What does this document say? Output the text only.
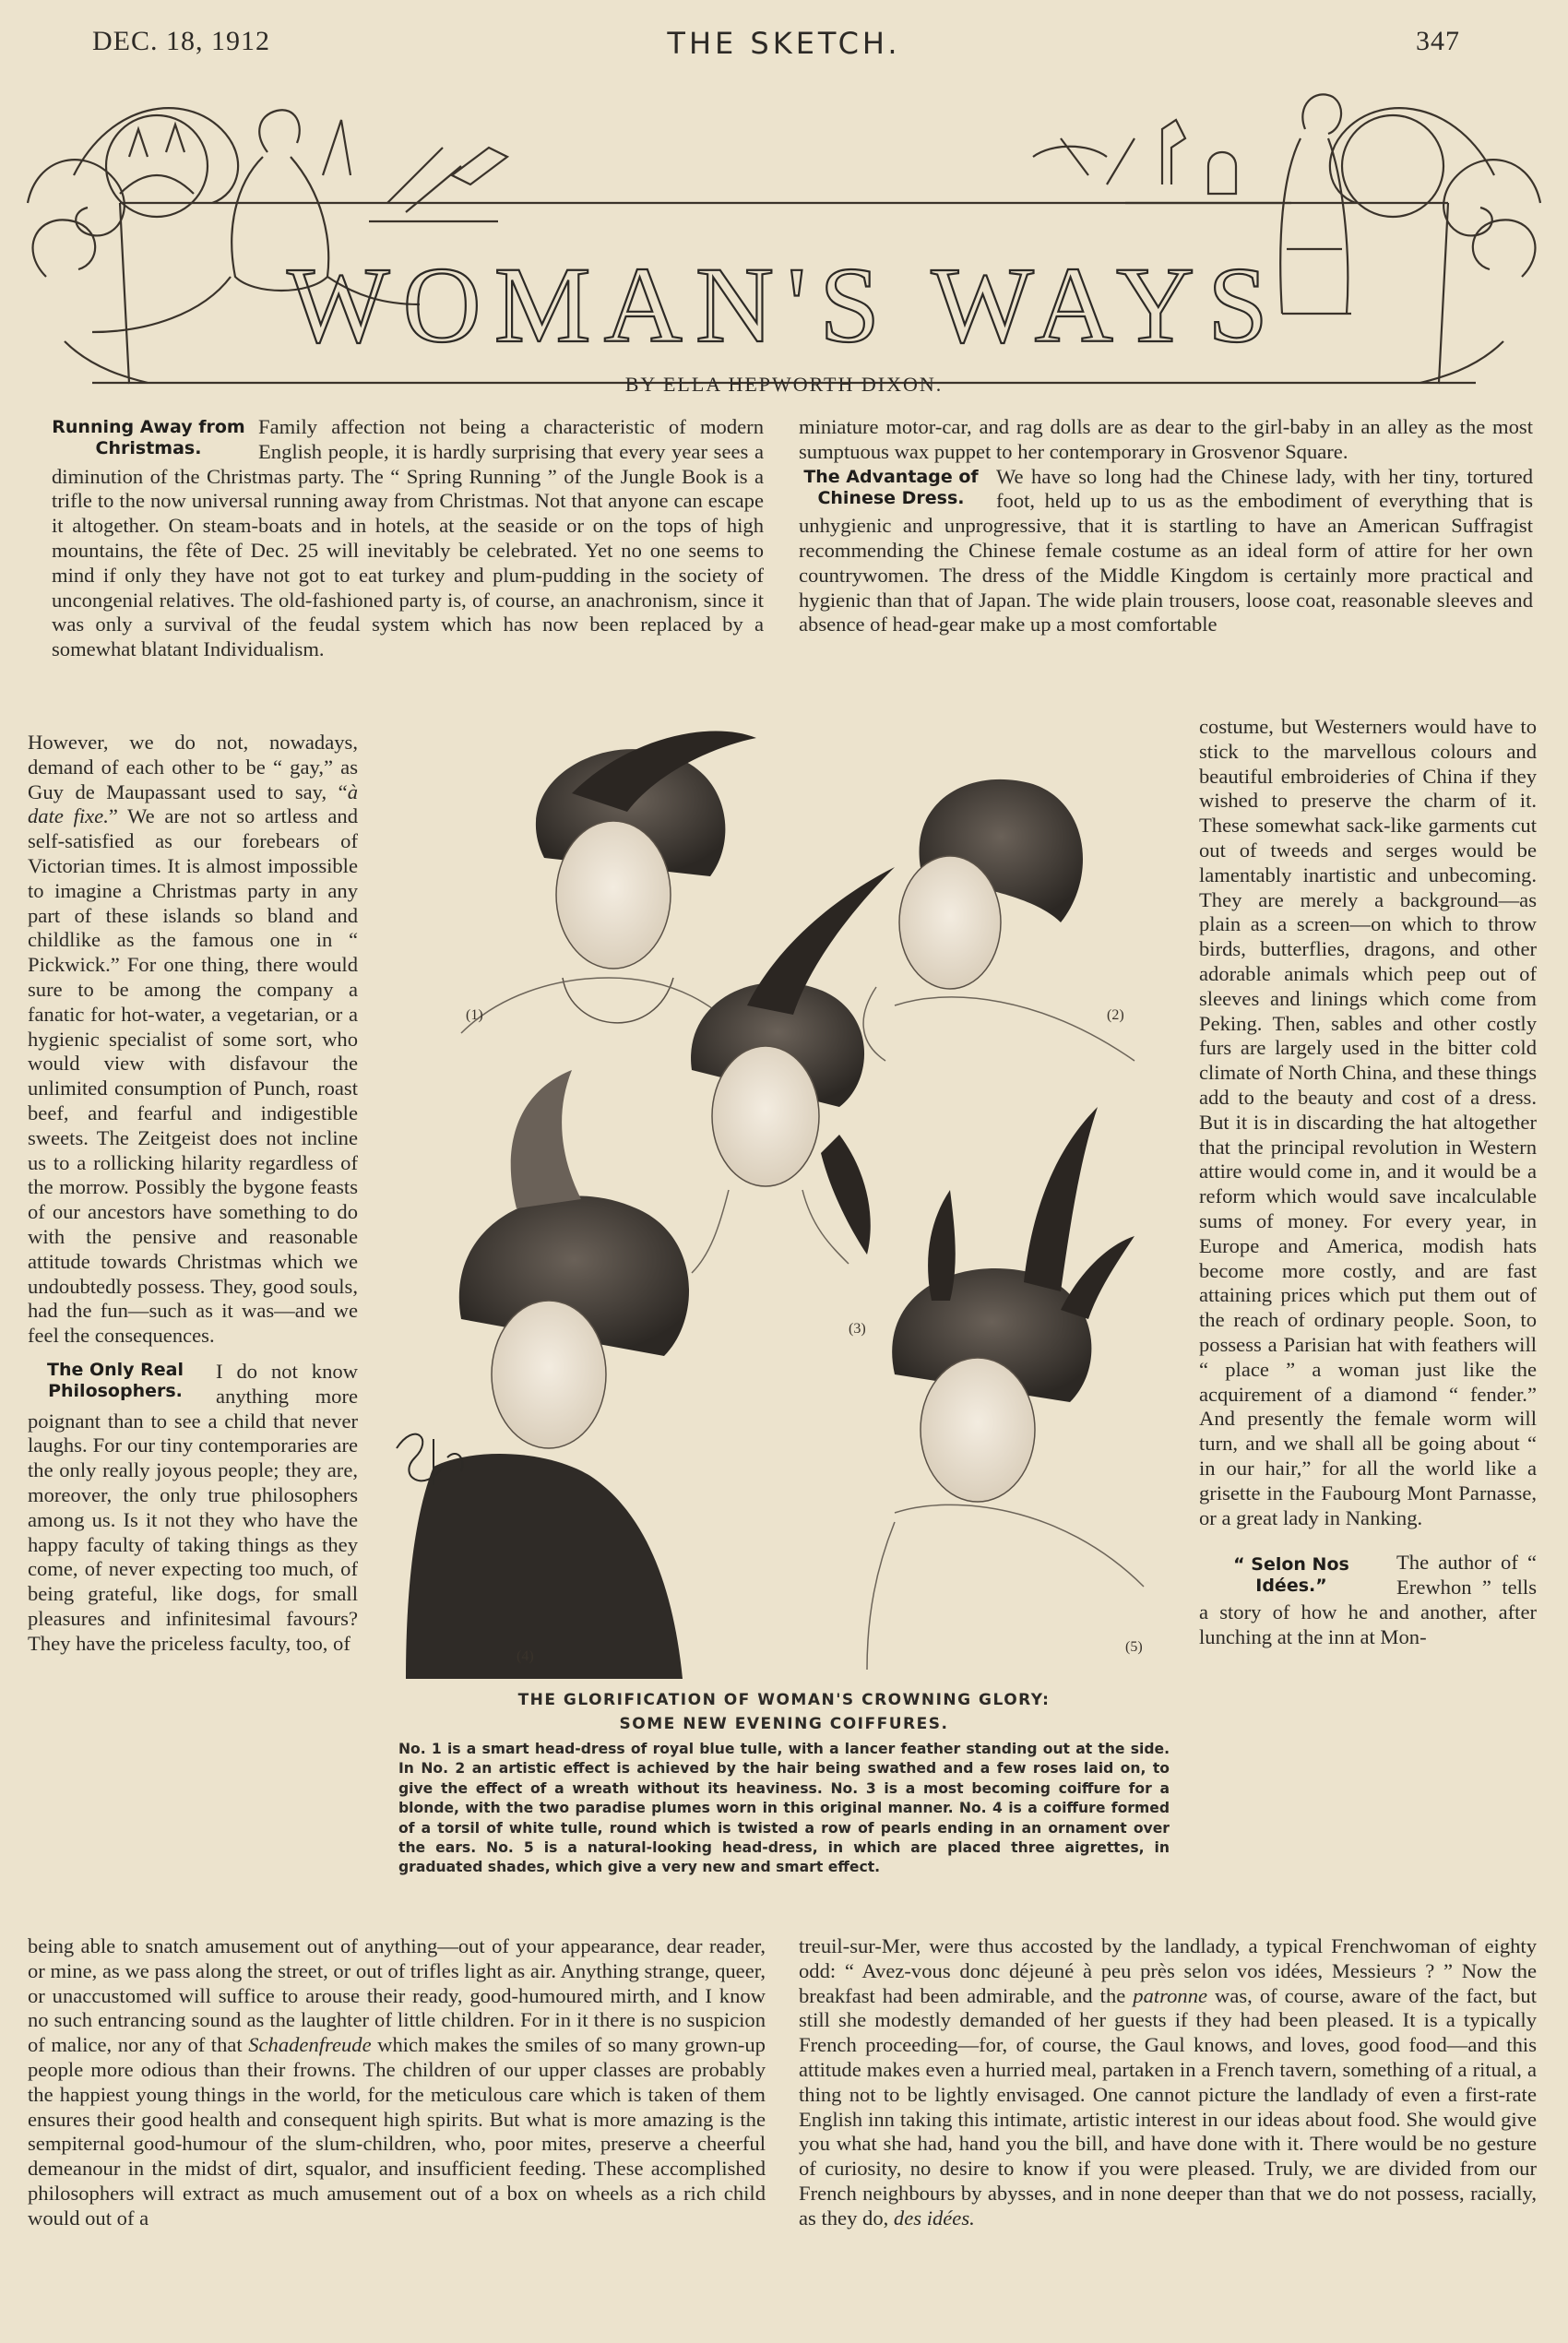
DEC. 18, 1912	THE SKETCH.	347
WOMAN'S WAYS
BY ELLA HEPWORTH DIXON.
Running Away from Christmas.

Family affection not being a characteristic of modern English people, it is hardly surprising that every year sees a diminution of the Christmas party. The “ Spring Running ” of the Jungle Book is a trifle to the now universal running away from Christmas. Not that anyone can escape it altogether. On steam-boats and in hotels, at the seaside or on the tops of high mountains, the fête of Dec. 25 will inevitably be celebrated. Yet no one seems to mind if only they have not got to eat turkey and plum-pudding in the society of uncongenial relatives. The old-fashioned party is, of course, an anachronism, since it was only a survival of the feudal system which has now been replaced by a somewhat blatant Individualism.

miniature motor-car, and rag dolls are as dear to the girl-baby in an alley as the most sumptuous wax puppet to her contemporary in Grosvenor Square.

The Advantage of Chinese Dress.

We have so long had the Chinese lady, with her tiny, tortured foot, held up to us as the embodiment of everything that is unhygienic and unprogressive, that it is startling to have an American Suffragist recommending the Chinese female costume as an ideal form of attire for her own countrywomen. The dress of the Middle Kingdom is certainly more practical and hygienic than that of Japan. The wide plain trousers, loose coat, reasonable sleeves and absence of head-gear make up a most comfortable

However, we do not, nowadays, demand of each other to be “ gay,” as Guy de Maupassant used to say, “à date fixe.” We are not so artless and self-satisfied as our forebears of Victorian times. It is almost impossible to imagine a Christmas party in any part of these islands so bland and childlike as the famous one in “ Pickwick.” For one thing, there would sure to be among the company a fanatic for hot-water, a vegetarian, or a hygienic specialist of some sort, who would view with disfavour the unlimited consumption of Punch, roast beef, and fearful and indigestible sweets. The Zeitgeist does not incline us to a rollicking hilarity regardless of the morrow. Possibly the bygone feasts of our ancestors have something to do with the pensive and reasonable attitude towards Christmas which we undoubtedly possess. They, good souls, had the fun—such as it was—and we feel the consequences.

The Only Real Philosophers.

I do not know anything more poignant than to see a child that never laughs. For our tiny contemporaries are the only really joyous people; they are, moreover, the only true philosophers among us. Is it not they who have the happy faculty of taking things as they come, of never expecting too much, of being grateful, like dogs, for small pleasures and infinitesimal favours? They have the priceless faculty, too, of

costume, but Westerners would have to stick to the marvellous colours and beautiful embroideries of China if they wished to preserve the charm of it. These somewhat sack-like garments cut out of tweeds and serges would be lamentably inartistic and unbecoming. They are merely a background—as plain as a screen—on which to throw birds, butterflies, dragons, and other adorable animals which peep out of sleeves and linings which come from Peking. Then, sables and other costly furs are largely used in the bitter cold climate of North China, and these things add to the beauty and cost of a dress. But it is in discarding the hat altogether that the principal revolution in Western attire would come in, and it would be a reform which would save incalculable sums of money. For every year, in Europe and America, modish hats become more costly, and are fast attaining prices which put them out of the reach of ordinary people. Soon, to possess a Parisian hat with feathers will “ place ” a woman just like the acquirement of a diamond “ fender.” And presently the female worm will turn, and we shall all be going about “ in our hair,” for all the world like a grisette in the Faubourg Mont Parnasse, or a great lady in Nanking.

“ Selon Nos Idées.”

The author of “ Erewhon ” tells a story of how he and another, after lunching at the inn at Mon-

(1)	(2)
(3)
(4)
(5)
THE GLORIFICATION OF WOMAN'S CROWNING GLORY:
SOME NEW EVENING COIFFURES.
No. 1 is a smart head-dress of royal blue tulle, with a lancer feather standing out at the side. In No. 2 an artistic effect is achieved by the hair being swathed and a few roses laid on, to give the effect of a wreath without its heaviness. No. 3 is a most becoming coiffure for a blonde, with the two paradise plumes worn in this original manner. No. 4 is a coiffure formed of a torsil of white tulle, round which is twisted a row of pearls ending in an ornament over the ears. No. 5 is a natural-looking head-dress, in which are placed three aigrettes, in graduated shades, which give a very new and smart effect.

being able to snatch amusement out of anything—out of your appearance, dear reader, or mine, as we pass along the street, or out of trifles light as air. Anything strange, queer, or unaccustomed will suffice to arouse their ready, good-humoured mirth, and I know no such entrancing sound as the laughter of little children. For in it there is no suspicion of malice, nor any of that Schadenfreude which makes the smiles of so many grown-up people more odious than their frowns. The children of our upper classes are probably the happiest young things in the world, for the meticulous care which is taken of them ensures their good health and consequent high spirits. But what is more amazing is the sempiternal good-humour of the slum-children, who, poor mites, preserve a cheerful demeanour in the midst of dirt, squalor, and insufficient feeding. These accomplished philosophers will extract as much amusement out of a box on wheels as a rich child would out of a

treuil-sur-Mer, were thus accosted by the landlady, a typical Frenchwoman of eighty odd: “ Avez-vous donc déjeuné à peu près selon vos idées, Messieurs ? ” Now the breakfast had been admirable, and the patronne was, of course, aware of the fact, but still she modestly demanded of her guests if they had been pleased. It is a typically French proceeding—for, of course, the Gaul knows, and loves, good food—and this attitude makes even a hurried meal, partaken in a French tavern, something of a ritual, a thing not to be lightly envisaged. One cannot picture the landlady of even a first-rate English inn taking this intimate, artistic interest in our ideas about food. She would give you what she had, hand you the bill, and have done with it. There would be no gesture of curiosity, no desire to know if you were pleased. Truly, we are divided from our French neighbours by abysses, and in none deeper than that we do not possess, racially, as they do, des idées.
